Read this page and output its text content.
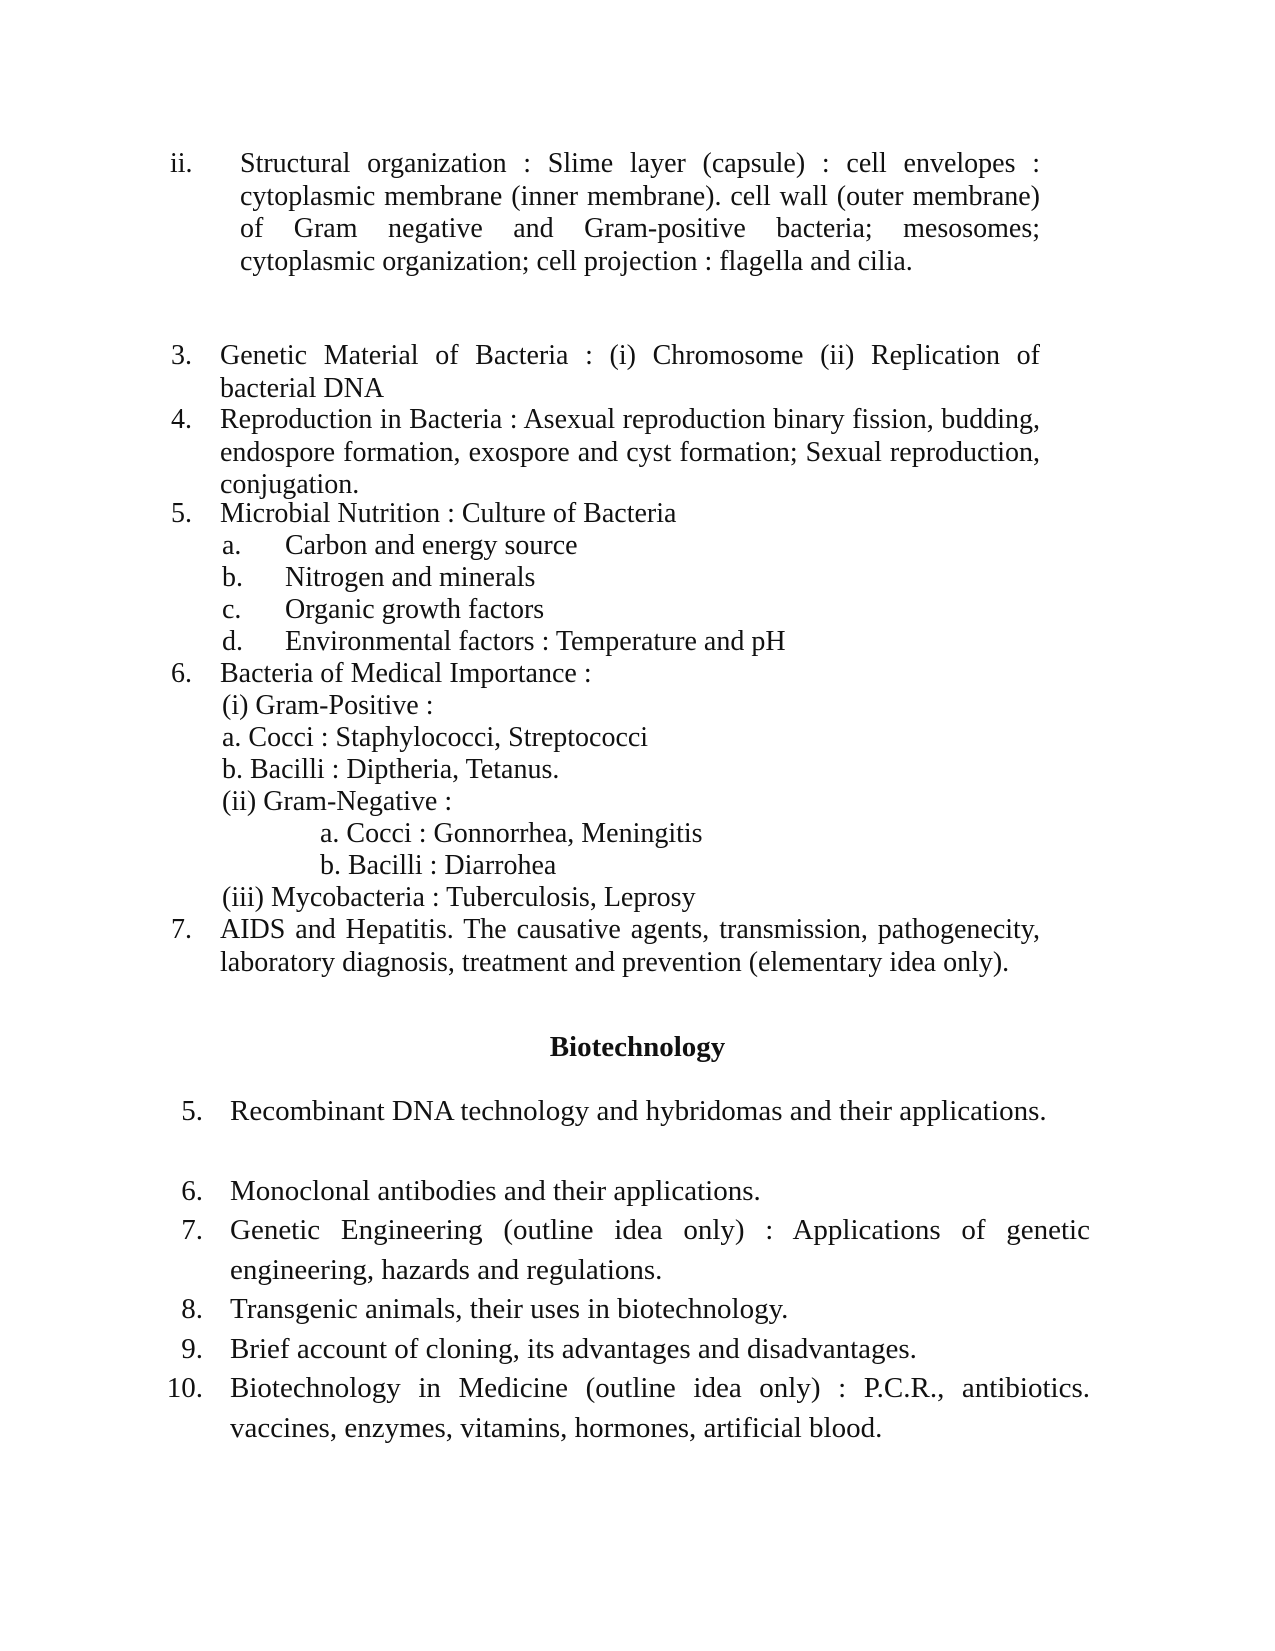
ii. Structural organization : Slime layer (capsule) : cell envelopes : cytoplasmic membrane (inner membrane). cell wall (outer membrane) of Gram negative and Gram-positive bacteria; mesosomes; cytoplasmic organization; cell projection : flagella and cilia.
3. Genetic Material of Bacteria : (i) Chromosome (ii) Replication of bacterial DNA
4. Reproduction in Bacteria : Asexual reproduction binary fission, budding, endospore formation, exospore and cyst formation; Sexual reproduction, conjugation.
5. Microbial Nutrition : Culture of Bacteria
a. Carbon and energy source
b. Nitrogen and minerals
c. Organic growth factors
d. Environmental factors : Temperature and pH
6. Bacteria of Medical Importance :
(i) Gram-Positive :
a. Cocci : Staphylococci, Streptococci
b. Bacilli : Diptheria, Tetanus.
(ii) Gram-Negative :
a. Cocci : Gonnorrhea, Meningitis
b. Bacilli : Diarrohea
(iii) Mycobacteria : Tuberculosis, Leprosy
7. AIDS and Hepatitis. The causative agents, transmission, pathogenecity, laboratory diagnosis, treatment and prevention (elementary idea only).
Biotechnology
5. Recombinant DNA technology and hybridomas and their applications.
6. Monoclonal antibodies and their applications.
7. Genetic Engineering (outline idea only) : Applications of genetic engineering, hazards and regulations.
8. Transgenic animals, their uses in biotechnology.
9. Brief account of cloning, its advantages and disadvantages.
10. Biotechnology in Medicine (outline idea only) : P.C.R., antibiotics. vaccines, enzymes, vitamins, hormones, artificial blood.
